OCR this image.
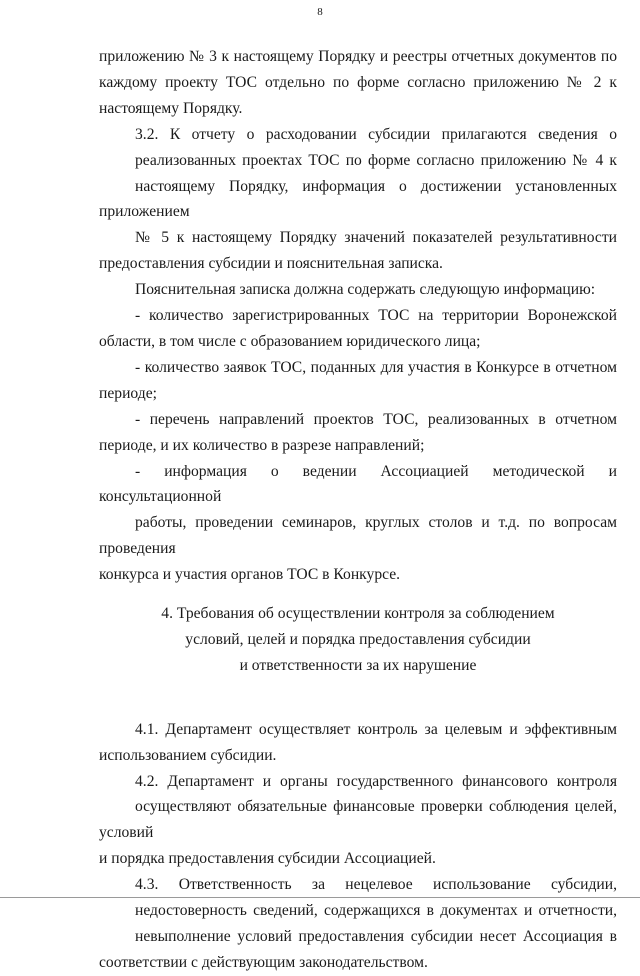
8

приложению № 3 к настоящему Порядку и реестры отчетных документов по
каждому проекту ТОС отдельно по форме согласно приложению № 2 к
настоящему Порядку.

3.2. К отчету о расходовании субсидии прилагаются сведения о
реализованных проектах ТОС по форме согласно приложению № 4 к
настоящему Порядку, информация о достижении установленных приложением
№ 5 к настоящему Порядку значений показателей результативности
предоставления субсидии и пояснительная записка.

Пояснительная записка должна содержать следующую информацию:

- количество зарегистрированных ТОС на территории Воронежской
области, в том числе с образованием юридического лица;

- количество заявок ТОС, поданных для участия в Конкурсе в отчетном
периоде;

- перечень направлений проектов ТОС, реализованных в отчетном
периоде, и их количество в разрезе направлений;

- информация о ведении Ассоциацией методической и консультационной
работы, проведении семинаров, круглых столов и т.д. по вопросам проведения
конкурса и участия органов ТОС в Конкурсе.

4. Требования об осуществлении контроля за соблюдением
условий, целей и порядка предоставления субсидии
и ответственности за их нарушение

4.1. Департамент осуществляет контроль за целевым и эффективным
использованием субсидии.

4.2. Департамент и органы государственного финансового контроля
осуществляют обязательные финансовые проверки соблюдения целей, условий
и порядка предоставления субсидии Ассоциацией.

4.3. Ответственность за нецелевое использование субсидии,
недостоверность сведений, содержащихся в документах и отчетности,
невыполнение условий предоставления субсидии несет Ассоциация в
соответствии с действующим законодательством.
